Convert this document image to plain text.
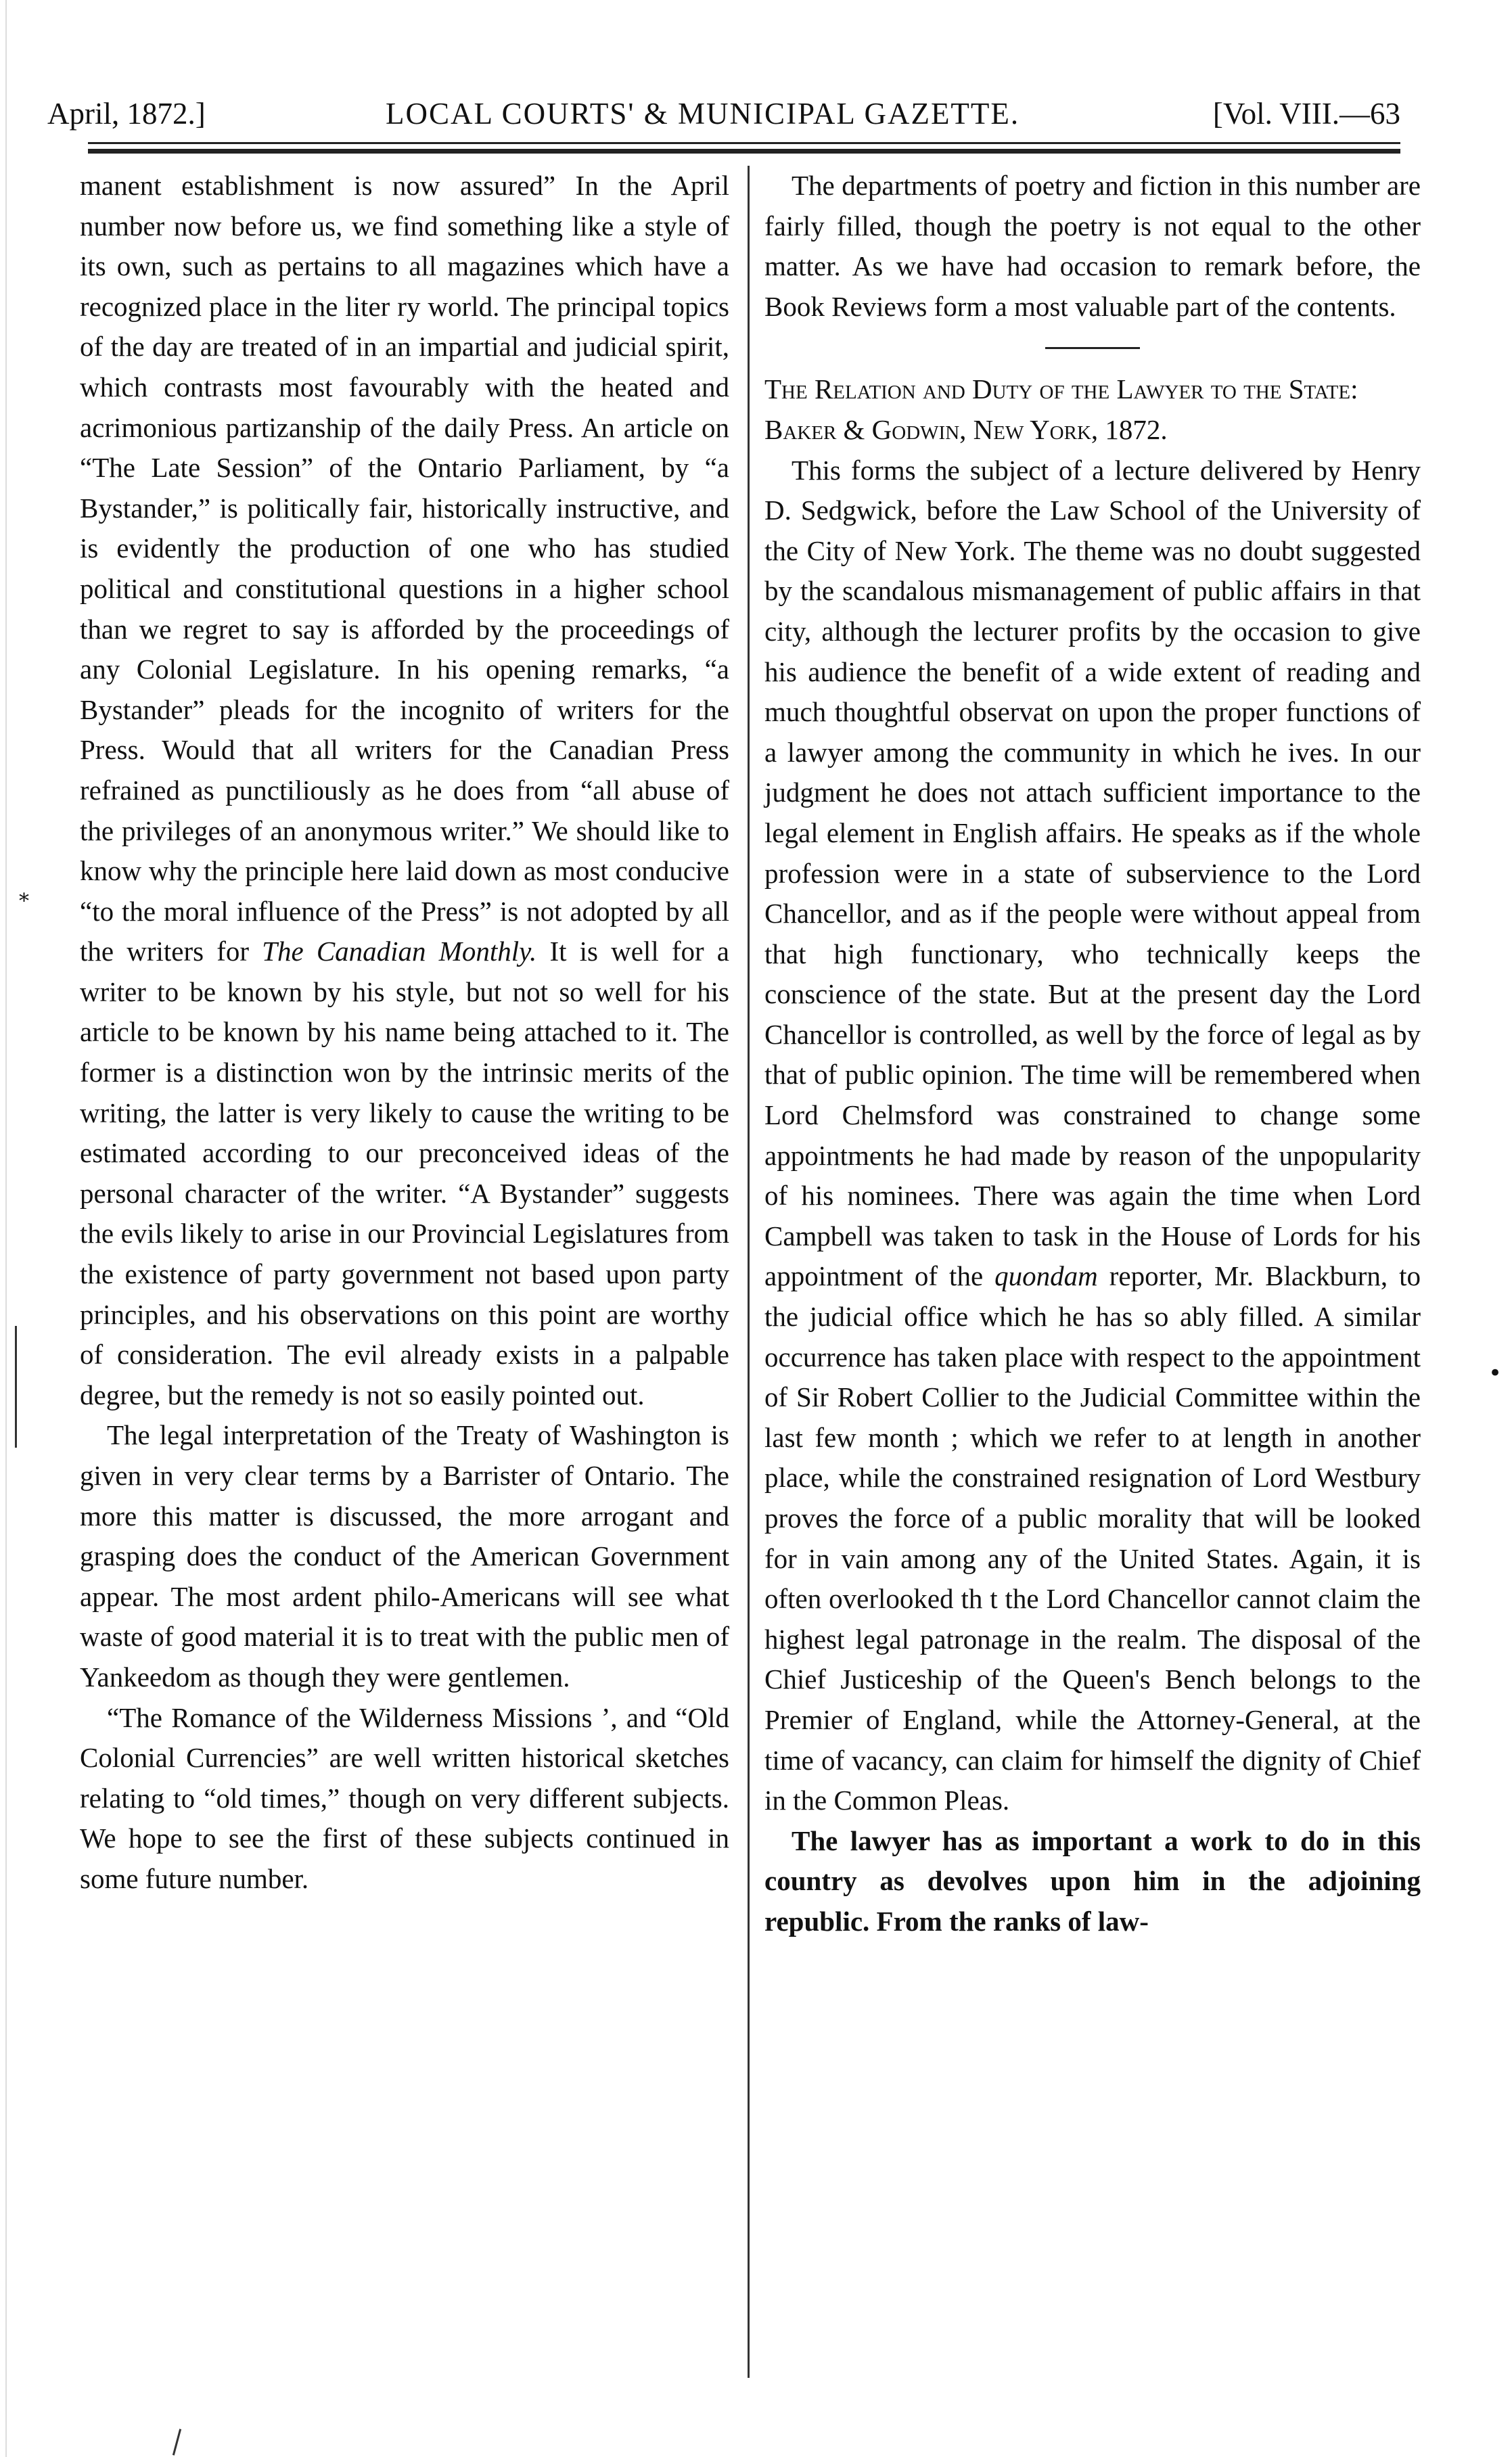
April, 1872.]	LOCAL COURTS' & MUNICIPAL GAZETTE.	[Vol. VIII.—63

manent establishment is now assured” In the April number now before us, we find something like a style of its own, such as pertains to all magazines which have a recognized place in the liter ry world. The principal topics of the day are treated of in an impartial and judicial spirit, which contrasts most favourably with the heated and acrimonious partizanship of the daily Press. An article on “The Late Session” of the Ontario Parliament, by “a Bystander,” is politically fair, historically instructive, and is evidently the production of one who has studied political and constitutional questions in a higher school than we regret to say is afforded by the proceedings of any Colonial Legislature. In his opening remarks, “a Bystander” pleads for the incognito of writers for the Press. Would that all writers for the Canadian Press refrained as punctiliously as he does from “all abuse of the privileges of an anonymous writer.” We should like to know why the principle here laid down as most conducive “to the moral influence of the Press” is not adopted by all the writers for The Canadian Monthly. It is well for a writer to be known by his style, but not so well for his article to be known by his name being attached to it. The former is a distinction won by the intrinsic merits of the writing, the latter is very likely to cause the writing to be estimated according to our preconceived ideas of the personal character of the writer. “A Bystander” suggests the evils likely to arise in our Provincial Legislatures from the existence of party government not based upon party principles, and his observations on this point are worthy of consideration. The evil already exists in a palpable degree, but the remedy is not so easily pointed out.

The legal interpretation of the Treaty of Washington is given in very clear terms by a Barrister of Ontario. The more this matter is discussed, the more arrogant and grasping does the conduct of the American Government appear. The most ardent philo-Americans will see what waste of good material it is to treat with the public men of Yankeedom as though they were gentlemen.

“The Romance of the Wilderness Missions ’, and “Old Colonial Currencies” are well written historical sketches relating to “old times,” though on very different subjects. We hope to see the first of these subjects continued in some future number.

The departments of poetry and fiction in this number are fairly filled, though the poetry is not equal to the other matter. As we have had occasion to remark before, the Book Reviews form a most valuable part of the contents.

The Relation and Duty of the Lawyer to the State: Baker & Godwin, New York, 1872.

This forms the subject of a lecture delivered by Henry D. Sedgwick, before the Law School of the University of the City of New York. The theme was no doubt suggested by the scandalous mismanagement of public affairs in that city, although the lecturer profits by the occasion to give his audience the benefit of a wide extent of reading and much thoughtful observat on upon the proper functions of a lawyer among the community in which he ives. In our judgment he does not attach sufficient importance to the legal element in English affairs. He speaks as if the whole profession were in a state of subservience to the Lord Chancellor, and as if the people were without appeal from that high functionary, who technically keeps the conscience of the state. But at the present day the Lord Chancellor is controlled, as well by the force of legal as by that of public opinion. The time will be remembered when Lord Chelmsford was constrained to change some appointments he had made by reason of the unpopularity of his nominees. There was again the time when Lord Campbell was taken to task in the House of Lords for his appointment of the quondam reporter, Mr. Blackburn, to the judicial office which he has so ably filled. A similar occurrence has taken place with respect to the appointment of Sir Robert Collier to the Judicial Committee within the last few month ; which we refer to at length in another place, while the constrained resignation of Lord Westbury proves the force of a public morality that will be looked for in vain among any of the United States. Again, it is often overlooked th t the Lord Chancellor cannot claim the highest legal patronage in the realm. The disposal of the Chief Justiceship of the Queen's Bench belongs to the Premier of England, while the Attorney-General, at the time of vacancy, can claim for himself the dignity of Chief in the Common Pleas.

The lawyer has as important a work to do in this country as devolves upon him in the adjoining republic. From the ranks of law-

⁎
•
